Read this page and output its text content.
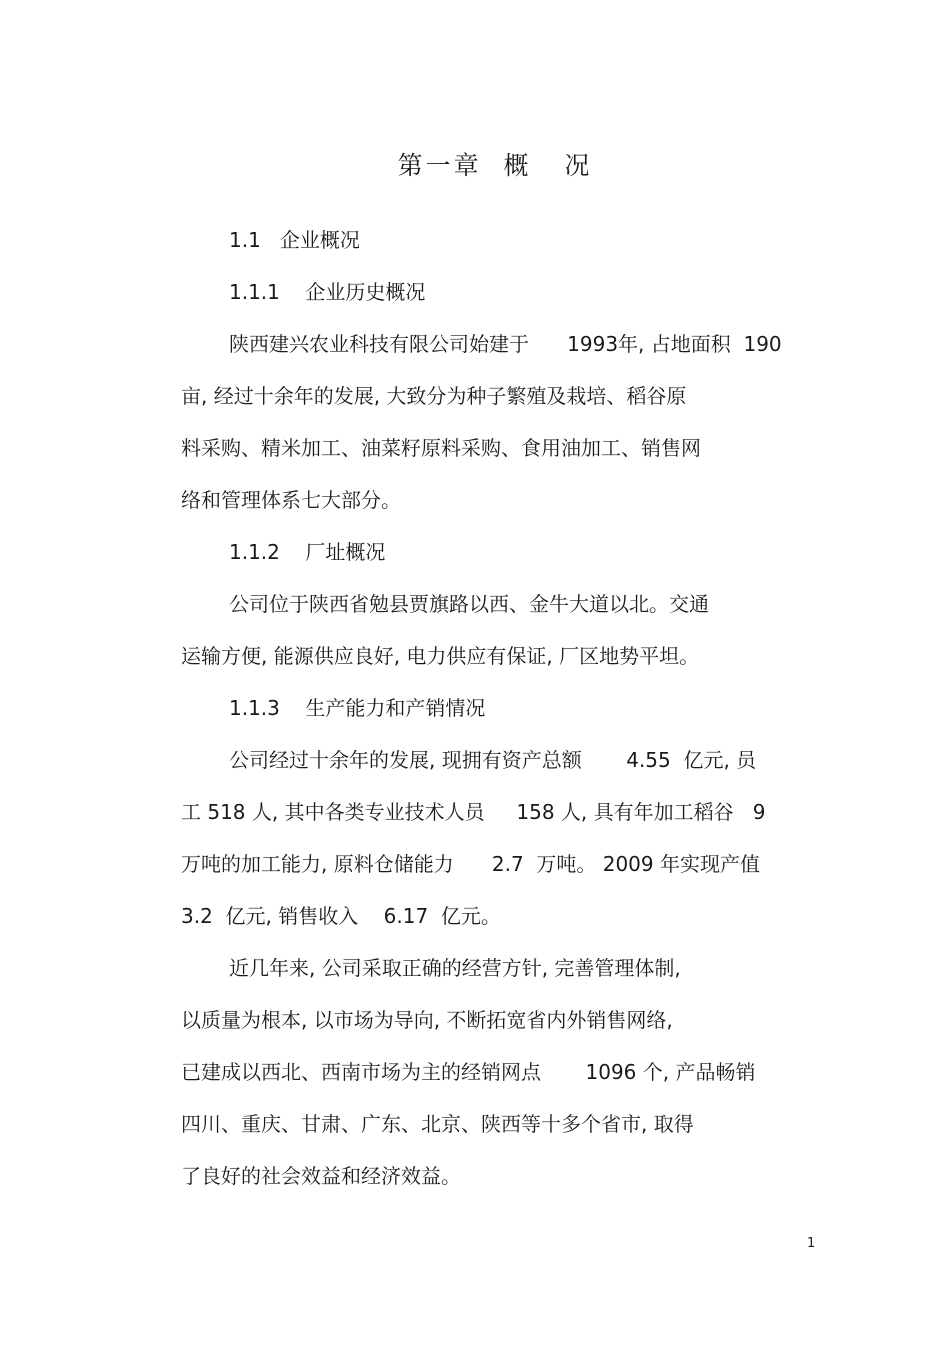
第一章  概   况
1.1   企业概况
1.1.1    企业历史概况
陕西建兴农业科技有限公司始建于      1993年, 占地面积  190
亩, 经过十余年的发展, 大致分为种子繁殖及栽培、稻谷原
料采购、精米加工、油菜籽原料采购、食用油加工、销售网
络和管理体系七大部分。
1.1.2    厂址概况
公司位于陕西省勉县贾旗路以西、金牛大道以北。交通
运输方便, 能源供应良好, 电力供应有保证, 厂区地势平坦。
1.1.3    生产能力和产销情况
公司经过十余年的发展, 现拥有资产总额       4.55  亿元, 员
工 518 人, 其中各类专业技术人员     158 人, 具有年加工稻谷   9
万吨的加工能力, 原料仓储能力      2.7  万吨。 2009 年实现产值
3.2  亿元, 销售收入    6.17  亿元。
近几年来, 公司采取正确的经营方针, 完善管理体制,
以质量为根本, 以市场为导向, 不断拓宽省内外销售网络,
已建成以西北、西南市场为主的经销网点       1096 个, 产品畅销
四川、重庆、甘肃、广东、北京、陕西等十多个省市, 取得
了良好的社会效益和经济效益。
1
